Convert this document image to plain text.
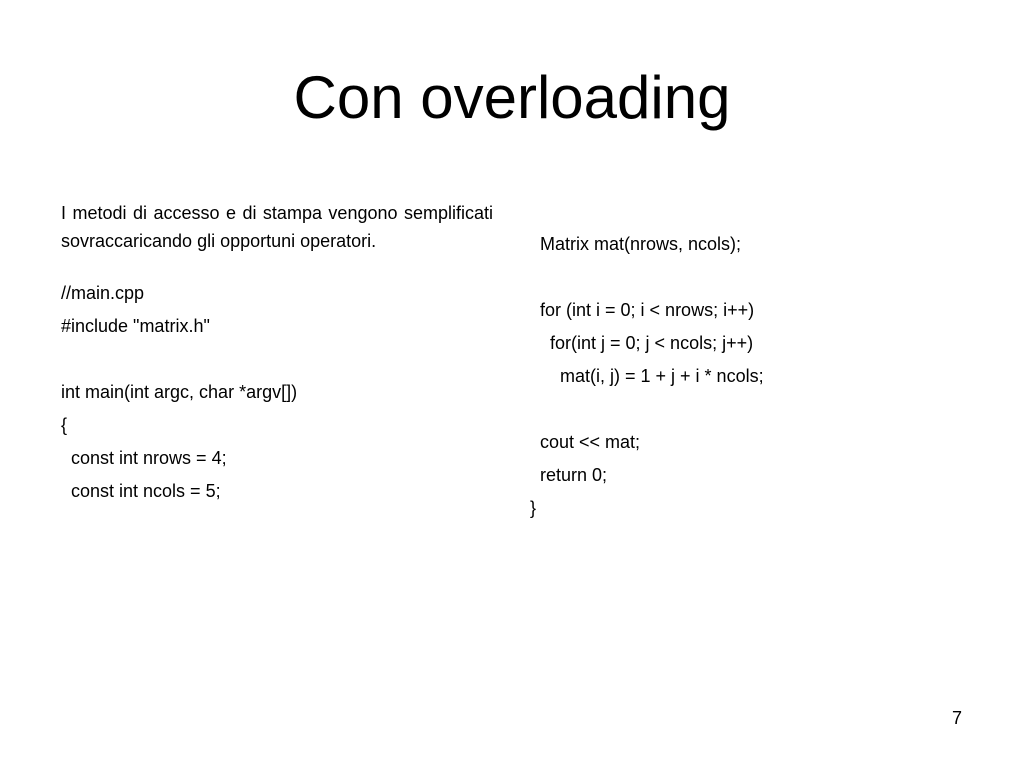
Con overloading

I metodi di accesso e di stampa vengono semplificati sovraccaricando gli opportuni operatori.

//main.cpp
#include "matrix.h"
int main(int argc, char *argv[])
{
const int nrows = 4;
const int ncols = 5;
Matrix mat(nrows, ncols);
for (int i = 0; i < nrows; i++)
for(int j = 0; j < ncols; j++)
mat(i, j) = 1 + j + i * ncols;
cout << mat;
return 0;
}
7
